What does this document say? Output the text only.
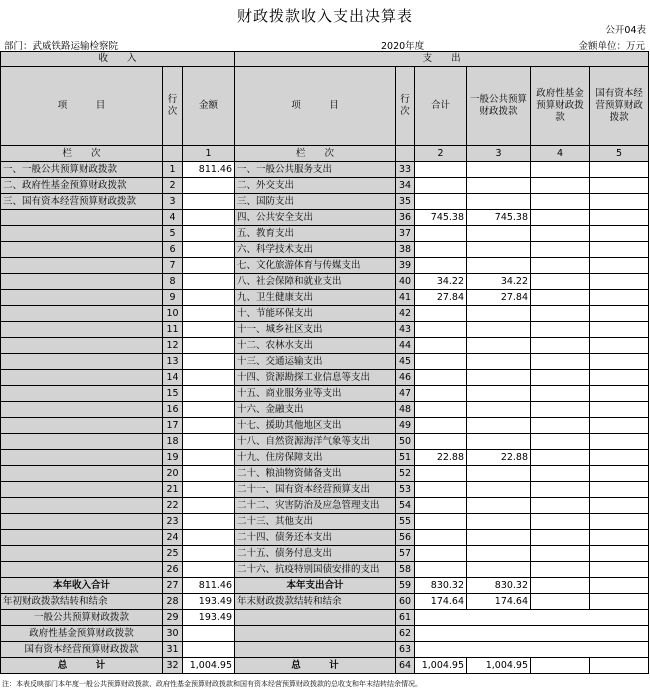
财政拨款收入支出决算表
公开04表
部门：武威铁路运输检察院	2020年度	金额单位：万元
收　　入			支　　出					
项　　　目	行次	金额	项　　　目	行次	合计	一般公共预算财政拨款	政府性基金预算财政拨款	国有资本经营预算财政拨款
栏　　次		1	栏　　次		2	3	4	5
一、一般公共预算财政拨款	1	811.46	一、一般公共服务支出	33				
二、政府性基金预算财政拨款	2		二、外交支出	34				
三、国有资本经营预算财政拨款	3		三、国防支出	35				
	4		四、公共安全支出	36	745.38	745.38		
	5		五、教育支出	37				
	6		六、科学技术支出	38				
	7		七、文化旅游体育与传媒支出	39				
	8		八、社会保障和就业支出	40	34.22	34.22		
	9		九、卫生健康支出	41	27.84	27.84		
	10		十、节能环保支出	42				
	11		十一、城乡社区支出	43				
	12		十二、农林水支出	44				
	13		十三、交通运输支出	45				
	14		十四、资源勘探工业信息等支出	46				
	15		十五、商业服务业等支出	47				
	16		十六、金融支出	48				
	17		十七、援助其他地区支出	49				
	18		十八、自然资源海洋气象等支出	50				
	19		十九、住房保障支出	51	22.88	22.88		
	20		二十、粮油物资储备支出	52				
	21		二十一、国有资本经营预算支出	53				
	22		二十二、灾害防治及应急管理支出	54				
	23		二十三、其他支出	55				
	24		二十四、债务还本支出	56				
	25		二十五、债务付息支出	57				
	26		二十六、抗疫特别国债安排的支出	58				
本年收入合计	27	811.46	本年支出合计	59	830.32	830.32		
年初财政拨款结转和结余	28	193.49	年末财政拨款结转和结余	60	174.64	174.64		
一般公共预算财政拨款	29	193.49		61				
政府性基金预算财政拨款	30			62				
国有资本经营预算财政拨款	31			63				
总　　　计	32	1,004.95	总　　　计	64	1,004.95	1,004.95		
注：本表反映部门本年度一般公共预算财政拨款、政府性基金预算财政拨款和国有资本经营预算财政拨款的总收支和年末结转结余情况。
